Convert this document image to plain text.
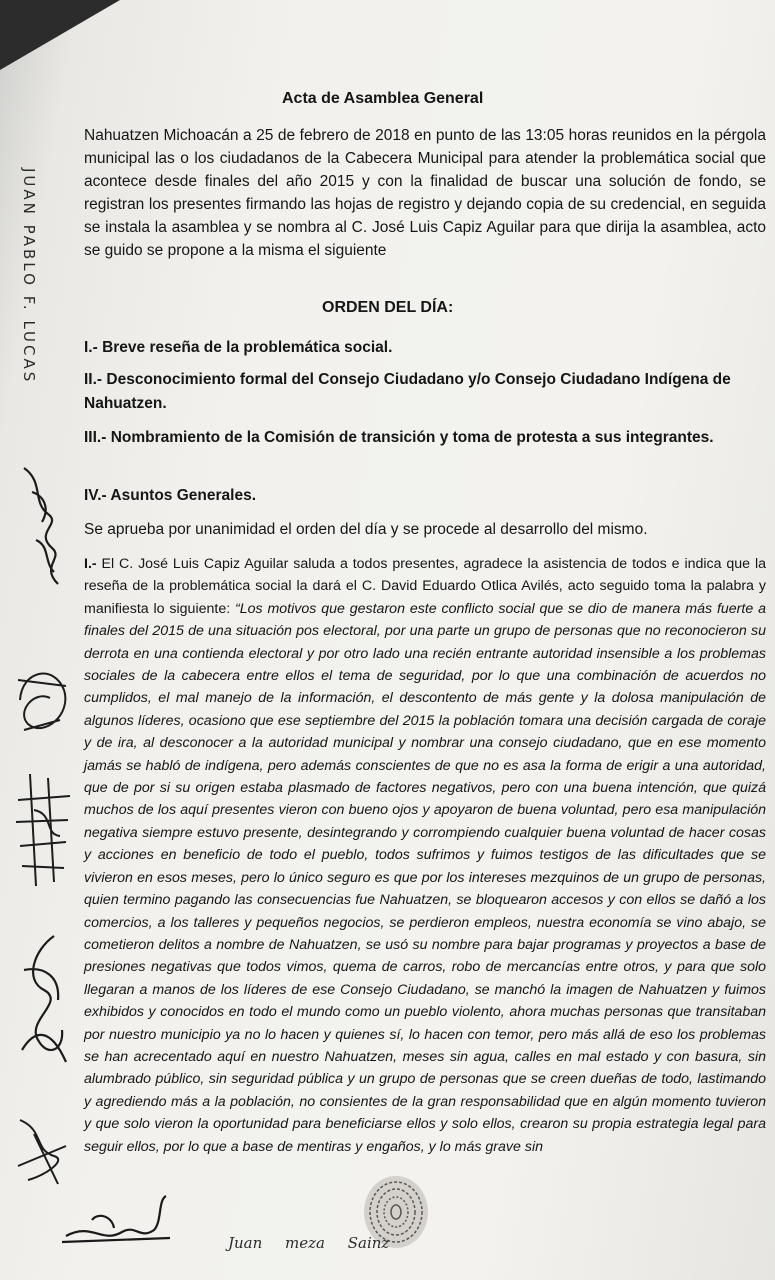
Acta de Asamblea General

Nahuatzen Michoacán a 25 de febrero de 2018 en punto de las 13:05 horas reunidos en la pérgola municipal las o los ciudadanos de la Cabecera Municipal para atender la problemática social que acontece desde finales del año 2015 y con la finalidad de buscar una solución de fondo, se registran los presentes firmando las hojas de registro y dejando copia de su credencial, en seguida se instala la asamblea y se nombra al C. José Luis Capiz Aguilar para que dirija la asamblea, acto se guido se propone a la misma el siguiente

ORDEN DEL DÍA:

I.- Breve reseña de la problemática social.

II.- Desconocimiento formal del Consejo Ciudadano y/o Consejo Ciudadano Indígena de Nahuatzen.

III.- Nombramiento de la Comisión de transición y toma de protesta a sus integrantes.

IV.- Asuntos Generales.

Se aprueba por unanimidad el orden del día y se procede al desarrollo del mismo.

I.- El C. José Luis Capiz Aguilar saluda a todos presentes, agradece la asistencia de todos e indica que la reseña de la problemática social la dará el C. David Eduardo Otlica Avilés, acto seguido toma la palabra y manifiesta lo siguiente: “Los motivos que gestaron este conflicto social que se dio de manera más fuerte a finales del 2015 de una situación pos electoral, por una parte un grupo de personas que no reconocieron su derrota en una contienda electoral y por otro lado una recién entrante autoridad insensible a los problemas sociales de la cabecera entre ellos el tema de seguridad, por lo que una combinación de acuerdos no cumplidos, el mal manejo de la información, el descontento de más gente y la dolosa manipulación de algunos líderes, ocasiono que ese septiembre del 2015 la población tomara una decisión cargada de coraje y de ira, al desconocer a la autoridad municipal y nombrar una consejo ciudadano, que en ese momento jamás se habló de indígena, pero además conscientes de que no es asa la forma de erigir a una autoridad, que de por si su origen estaba plasmado de factores negativos, pero con una buena intención, que quizá muchos de los aquí presentes vieron con bueno ojos y apoyaron de buena voluntad, pero esa manipulación negativa siempre estuvo presente, desintegrando y corrompiendo cualquier buena voluntad de hacer cosas y acciones en beneficio de todo el pueblo, todos sufrimos y fuimos testigos de las dificultades que se vivieron en esos meses, pero lo único seguro es que por los intereses mezquinos de un grupo de personas, quien termino pagando las consecuencias fue Nahuatzen, se bloquearon accesos y con ellos se dañó a los comercios, a los talleres y pequeños negocios, se perdieron empleos, nuestra economía se vino abajo, se cometieron delitos a nombre de Nahuatzen, se usó su nombre para bajar programas y proyectos a base de presiones negativas que todos vimos, quema de carros, robo de mercancías entre otros, y para que solo llegaran a manos de los líderes de ese Consejo Ciudadano, se manchó la imagen de Nahuatzen y fuimos exhibidos y conocidos en todo el mundo como un pueblo violento, ahora muchas personas que transitaban por nuestro municipio ya no lo hacen y quienes sí, lo hacen con temor, pero más allá de eso los problemas se han acrecentado aquí en nuestro Nahuatzen, meses sin agua, calles en mal estado y con basura, sin alumbrado público, sin seguridad pública y un grupo de personas que se creen dueñas de todo, lastimando y agrediendo más a la población, no consientes de la gran responsabilidad que en algún momento tuvieron y que solo vieron la oportunidad para beneficiarse ellos y solo ellos, crearon su propia estrategia legal para seguir ellos, por lo que a base de mentiras y engaños, y lo más grave sin

JUAN PABLO F. LUCAS
Juan meza Sainz
